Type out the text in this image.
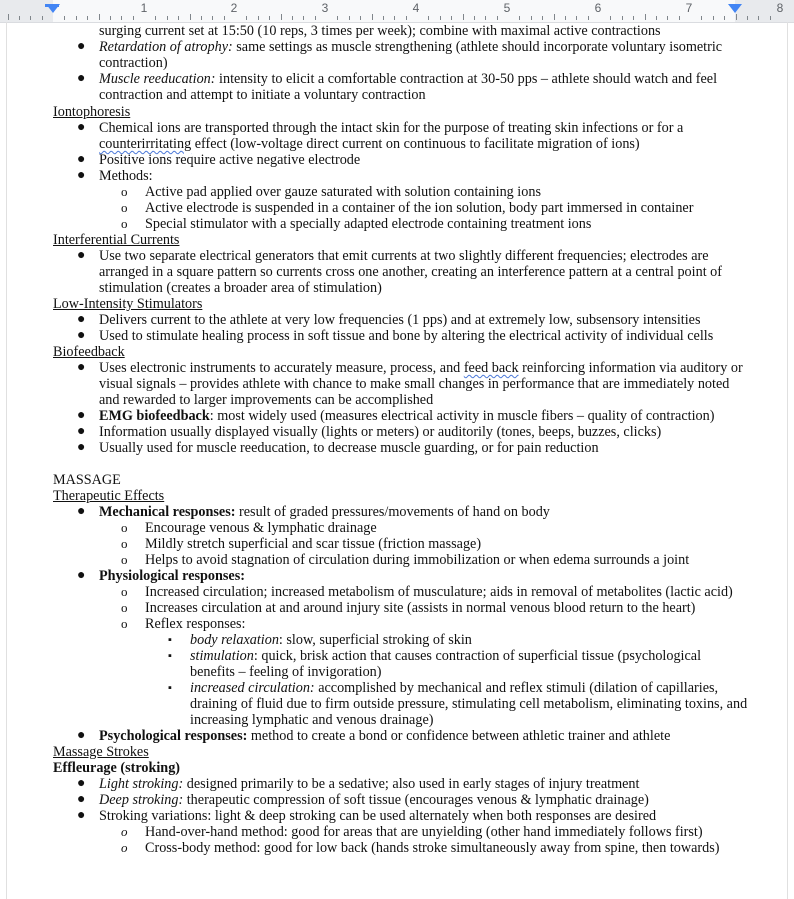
1	2	3	4	5	6	7	8
surging current set at 15:50 (10 reps, 3 times per week); combine with maximal active contractions
● Retardation of atrophy: same settings as muscle strengthening (athlete should incorporate voluntary isometric
contraction)
● Muscle reeducation: intensity to elicit a comfortable contraction at 30-50 pps – athlete should watch and feel
contraction and attempt to initiate a voluntary contraction
Iontophoresis
● Chemical ions are transported through the intact skin for the purpose of treating skin infections or for a
counterirritating effect (low-voltage direct current on continuous to facilitate migration of ions)
● Positive ions require active negative electrode
● Methods:
o Active pad applied over gauze saturated with solution containing ions
o Active electrode is suspended in a container of the ion solution, body part immersed in container
o Special stimulator with a specially adapted electrode containing treatment ions
Interferential Currents
● Use two separate electrical generators that emit currents at two slightly different frequencies; electrodes are
arranged in a square pattern so currents cross one another, creating an interference pattern at a central point of
stimulation (creates a broader area of stimulation)
Low-Intensity Stimulators
● Delivers current to the athlete at very low frequencies (1 pps) and at extremely low, subsensory intensities
● Used to stimulate healing process in soft tissue and bone by altering the electrical activity of individual cells
Biofeedback
● Uses electronic instruments to accurately measure, process, and feed back reinforcing information via auditory or
visual signals – provides athlete with chance to make small changes in performance that are immediately noted
and rewarded to larger improvements can be accomplished
● EMG biofeedback: most widely used (measures electrical activity in muscle fibers – quality of contraction)
● Information usually displayed visually (lights or meters) or auditorily (tones, beeps, buzzes, clicks)
● Usually used for muscle reeducation, to decrease muscle guarding, or for pain reduction
MASSAGE
Therapeutic Effects
● Mechanical responses: result of graded pressures/movements of hand on body
o Encourage venous & lymphatic drainage
o Mildly stretch superficial and scar tissue (friction massage)
o Helps to avoid stagnation of circulation during immobilization or when edema surrounds a joint
● Physiological responses:
o Increased circulation; increased metabolism of musculature; aids in removal of metabolites (lactic acid)
o Increases circulation at and around injury site (assists in normal venous blood return to the heart)
o Reflex responses:
▪ body relaxation: slow, superficial stroking of skin
▪ stimulation: quick, brisk action that causes contraction of superficial tissue (psychological
benefits – feeling of invigoration)
▪ increased circulation: accomplished by mechanical and reflex stimuli (dilation of capillaries,
draining of fluid due to firm outside pressure, stimulating cell metabolism, eliminating toxins, and
increasing lymphatic and venous drainage)
● Psychological responses: method to create a bond or confidence between athletic trainer and athlete
Massage Strokes
Effleurage (stroking)
● Light stroking: designed primarily to be a sedative; also used in early stages of injury treatment
● Deep stroking: therapeutic compression of soft tissue (encourages venous & lymphatic drainage)
● Stroking variations: light & deep stroking can be used alternately when both responses are desired
o Hand-over-hand method: good for areas that are unyielding (other hand immediately follows first)
o Cross-body method: good for low back (hands stroke simultaneously away from spine, then towards)
